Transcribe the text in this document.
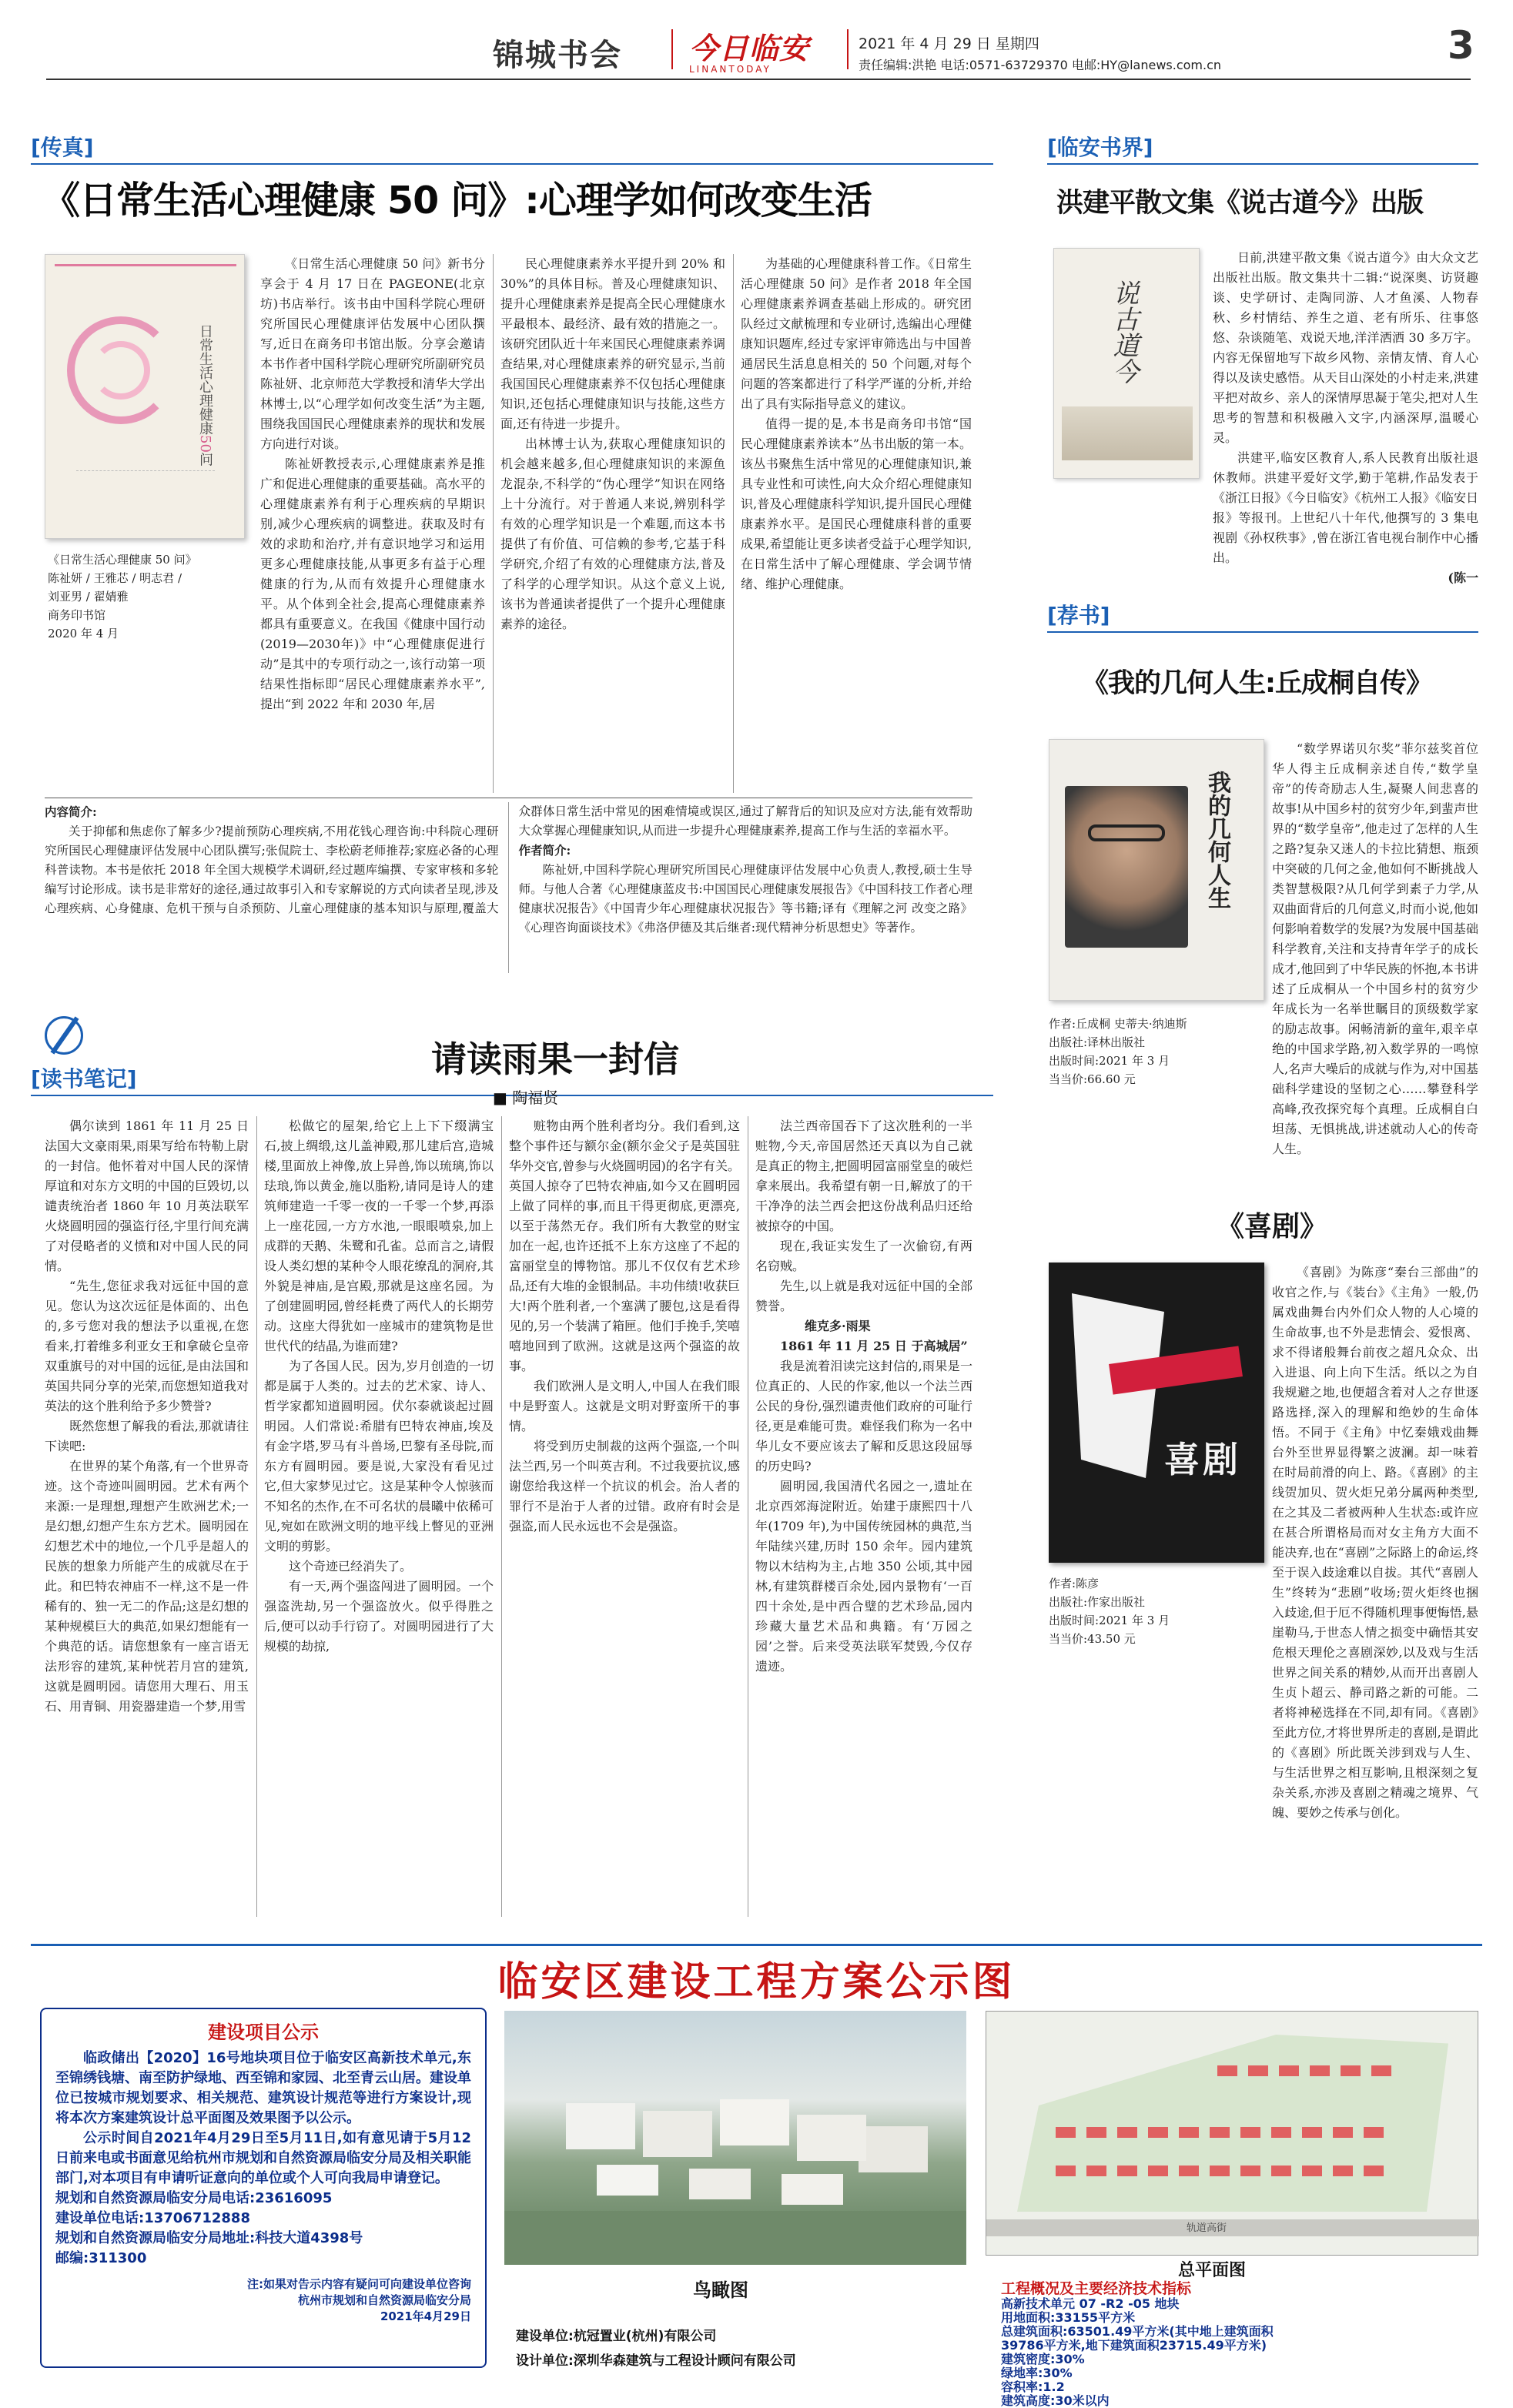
锦城书会 今日临安
LINANTODAY
2021 年 4 月 29 日 星期四
责任编辑:洪艳 电话:0571-63729370 电邮:HY@lanews.com.cn	3
[传真]
《日常生活心理健康 50 问》:心理学如何改变生活
日常生活心理健康50问
《日常生活心理健康 50 问》
陈祉妍 / 王雅芯 / 明志君 /
刘亚男 / 翟婧雅
商务印书馆
2020 年 4 月

《日常生活心理健康 50 问》新书分享会于 4 月 17 日在 PAGEONE(北京坊)书店举行。该书由中国科学院心理研究所国民心理健康评估发展中心团队撰写,近日在商务印书馆出版。分享会邀请本书作者中国科学院心理研究所副研究员陈祉妍、北京师范大学教授和清华大学出林博士,以“心理学如何改变生活”为主题,围绕我国国民心理健康素养的现状和发展方向进行对谈。

陈祉妍教授表示,心理健康素养是推广和促进心理健康的重要基础。高水平的心理健康素养有利于心理疾病的早期识别,减少心理疾病的调整进。获取及时有效的求助和治疗,并有意识地学习和运用更多心理健康技能,从事更多有益于心理健康的行为,从而有效提升心理健康水平。从个体到全社会,提高心理健康素养都具有重要意义。在我国《健康中国行动(2019—2030年)》中“心理健康促进行动”是其中的专项行动之一,该行动第一项结果性指标即“居民心理健康素养水平”,提出“到 2022 年和 2030 年,居

民心理健康素养水平提升到 20% 和 30%”的具体目标。普及心理健康知识、提升心理健康素养是提高全民心理健康水平最根本、最经济、最有效的措施之一。该研究团队近十年来国民心理健康素养调查结果,对心理健康素养的研究显示,当前我国国民心理健康素养不仅包括心理健康知识,还包括心理健康知识与技能,这些方面,还有待进一步提升。

出林博士认为,获取心理健康知识的机会越来越多,但心理健康知识的来源鱼龙混杂,不科学的“伪心理学”知识在网络上十分流行。对于普通人来说,辨别科学有效的心理学知识是一个难题,而这本书提供了有价值、可信赖的参考,它基于科学研究,介绍了有效的心理健康方法,普及了科学的心理学知识。从这个意义上说,该书为普通读者提供了一个提升心理健康素养的途径。

为基础的心理健康科普工作。《日常生活心理健康 50 问》是作者 2018 年全国心理健康素养调查基础上形成的。研究团队经过文献梳理和专业研讨,选编出心理健康知识题库,经过专家评审筛选出与中国普通居民生活息息相关的 50 个问题,对每个问题的答案都进行了科学严谨的分析,并给出了具有实际指导意义的建议。

值得一提的是,本书是商务印书馆“国民心理健康素养读本”丛书出版的第一本。该丛书聚焦生活中常见的心理健康知识,兼具专业性和可读性,向大众介绍心理健康知识,普及心理健康科学知识,提升国民心理健康素养水平。是国民心理健康科普的重要成果,希望能让更多读者受益于心理学知识,在日常生活中了解心理健康、学会调节情绪、维护心理健康。

内容简介:
关于抑郁和焦虑你了解多少?提前预防心理疾病,不用花钱心理咨询:中科院心理研究所国民心理健康评估发展中心团队撰写;张侃院士、李松蔚老师推荐;家庭必备的心理科普读物。本书是依托 2018 年全国大规模学术调研,经过题库编撰、专家审核和多轮编写讨论形成。读书是非常好的途径,通过故事引入和专家解说的方式向读者呈现,涉及心理疾病、心身健康、危机干预与自杀预防、儿童心理健康的基本知识与原理,覆盖大众群体日常生活中常见的困难情境或误区,通过了解背后的知识及应对方法,能有效帮助大众掌握心理健康知识,从而进一步提升心理健康素养,提高工作与生活的幸福水平。
作者简介:
陈祉妍,中国科学院心理研究所国民心理健康评估发展中心负责人,教授,硕士生导师。与他人合著《心理健康蓝皮书:中国国民心理健康发展报告》《中国科技工作者心理健康状况报告》《中国青少年心理健康状况报告》等书籍;译有《理解之河 改变之路》《心理咨询面谈技术》《弗洛伊德及其后继者:现代精神分析思想史》等著作。
[临安书界]
洪建平散文集《说古道今》出版
说古道今

日前,洪建平散文集《说古道今》由大众文艺出版社出版。散文集共十二辑:“说深奥、访贤趣谈、史学研讨、走陶同游、人才鱼溪、人物春秋、乡村情结、养生之道、老有所乐、往事悠悠、杂谈随笔、戏说天地,洋洋洒洒 30 多万字。内容无保留地写下故乡风物、亲情友情、育人心得以及读史感悟。从天目山深处的小村走来,洪建平把对故乡、亲人的深情厚思凝于笔尖,把对人生思考的智慧和积极融入文字,内涵深厚,温暖心灵。

洪建平,临安区教育人,系人民教育出版社退休教师。洪建平爱好文学,勤于笔耕,作品发表于《浙江日报》《今日临安》《杭州工人报》《临安日报》等报刊。上世纪八十年代,他撰写的 3 集电视剧《孙权秩事》,曾在浙江省电视台制作中心播出。

(陈一
[荐书]
《我的几何人生:丘成桐自传》
我的几何人生
作者:丘成桐 史蒂夫·纳迪斯
出版社:译林出版社
出版时间:2021 年 3 月
当当价:66.60 元

“数学界诺贝尔奖”菲尔兹奖首位华人得主丘成桐亲述自传,“数学皇帝”的传奇励志人生,凝聚人间悲喜的故事!从中国乡村的贫穷少年,到蜚声世界的“数学皇帝”,他走过了怎样的人生之路?复杂又迷人的卡拉比猜想、瓶颈中突破的几何之金,他如何不断挑战人类智慧极限?从几何学到素子力学,从双曲面背后的几何意义,时而小说,他如何影响着数学的发展?为发展中国基础科学教育,关注和支持青年学子的成长成才,他回到了中华民族的怀抱,本书讲述了丘成桐从一个中国乡村的贫穷少年成长为一名举世瞩目的顶级数学家的励志故事。闲畅清新的童年,艰辛卓绝的中国求学路,初入数学界的一鸣惊人,名声大噪后的成就与作为,对中国基础科学建设的坚韧之心……攀登科学高峰,孜孜探究每个真理。丘成桐自白坦荡、无惧挑战,讲述就动人心的传奇人生。

《喜剧》
喜剧
作者:陈彦
出版社:作家出版社
出版时间:2021 年 3 月
当当价:43.50 元

《喜剧》为陈彦“秦台三部曲”的收官之作,与《装台》《主角》一般,仍属戏曲舞台内外们众人物的人心境的生命故事,也不外是悲情会、爱恨离、求不得诸般舞台前夜之超凡众众、出入进退、向上向下生活。纸以之为自我规避之地,也便超含着对人之存世逐路选择,深入的理解和绝妙的生命体悟。不同于《主角》中忆秦娥戏曲舞台外至世界显得繁之波澜。却一味着在时局前滑的向上、路。《喜剧》的主线贺加贝、贺火炬兄弟分属两种类型,在之其及二者被两种人生状态:或许应在甚合所谓格局而对女主角方大面不能决弃,也在“喜剧”之际路上的命运,终至于误入歧途难以自拔。其代“喜剧人生”终转为“悲剧”收场;贺火炬终也捆入歧途,但于厄不得随机理事便悔悟,悬崖勒马,于世态人情之损变中确悟其安危根天理伦之喜剧深妙,以及戏与生活世界之间关系的精妙,从而开出喜剧人生贞卜超云、静司路之新的可能。二者将神秘选择在不同,却有同。《喜剧》至此方位,才将世界所走的喜剧,是谓此的《喜剧》所此既关涉到戏与人生、与生活世界之相互影响,且根深刻之复杂关系,亦涉及喜剧之精魂之境界、气魄、要妙之传承与创化。

[读书笔记]	请读雨果一封信
■ 陶福贤

偶尔读到 1861 年 11 月 25 日法国大文豪雨果,雨果写给布特勒上尉的一封信。他怀着对中国人民的深情厚谊和对东方文明的中国的巨毁切,以谴责统治者 1860 年 10 月英法联军火烧圆明园的强盗行径,宇里行间充满了对侵略者的义愤和对中国人民的同情。

“先生,您征求我对远征中国的意见。您认为这次远征是体面的、出色的,多亏您对我的想法予以重视,在您看来,打着维多利亚女王和拿破仑皇帝双重旗号的对中国的远征,是由法国和英国共同分享的光荣,而您想知道我对英法的这个胜利给予多少赞誉?

既然您想了解我的看法,那就请往下读吧:

在世界的某个角落,有一个世界奇迹。这个奇迹叫圆明园。艺术有两个来源:一是理想,理想产生欧洲艺术;一是幻想,幻想产生东方艺术。圆明园在幻想艺术中的地位,一个几乎是超人的民族的想象力所能产生的成就尽在于此。和巴特农神庙不一样,这不是一件稀有的、独一无二的作品;这是幻想的某种规模巨大的典范,如果幻想能有一个典范的话。请您想象有一座言语无法形容的建筑,某种恍若月宫的建筑,这就是圆明园。请您用大理石、用玉石、用青铜、用瓷器建造一个梦,用雪

松做它的屋架,给它上上下下缀满宝石,披上绸缎,这儿盖神殿,那儿建后宫,造城楼,里面放上神像,放上异兽,饰以琉璃,饰以珐琅,饰以黄金,施以脂粉,请同是诗人的建筑师建造一千零一夜的一千零一个梦,再添上一座花园,一方方水池,一眼眼喷泉,加上成群的天鹅、朱鹭和孔雀。总而言之,请假设人类幻想的某种令人眼花缭乱的洞府,其外貌是神庙,是宫殿,那就是这座名园。为了创建圆明园,曾经耗费了两代人的长期劳动。这座大得犹如一座城市的建筑物是世世代代的结晶,为谁而建?

为了各国人民。因为,岁月创造的一切都是属于人类的。过去的艺术家、诗人、哲学家都知道圆明园。伏尔泰就谈起过圆明园。人们常说:希腊有巴特农神庙,埃及有金字塔,罗马有斗兽场,巴黎有圣母院,而东方有圆明园。要是说,大家没有看见过它,但大家梦见过它。这是某种令人惊骇而不知名的杰作,在不可名状的晨曦中依稀可见,宛如在欧洲文明的地平线上瞥见的亚洲文明的剪影。

这个奇迹已经消失了。

有一天,两个强盗闯进了圆明园。一个强盗洗劫,另一个强盗放火。似乎得胜之后,便可以动手行窃了。对圆明园进行了大规模的劫掠,

赃物由两个胜利者均分。我们看到,这整个事件还与额尔金(额尔金父子是英国驻华外交官,曾参与火烧圆明园)的名字有关。英国人掠夺了巴特农神庙,如今又在圆明园上做了同样的事,而且干得更彻底,更漂亮,以至于荡然无存。我们所有大教堂的财宝加在一起,也许还抵不上东方这座了不起的富丽堂皇的博物馆。那儿不仅仅有艺术珍品,还有大堆的金银制品。丰功伟绩!收获巨大!两个胜利者,一个塞满了腰包,这是看得见的,另一个装满了箱匣。他们手挽手,笑嘻嘻地回到了欧洲。这就是这两个强盗的故事。

我们欧洲人是文明人,中国人在我们眼中是野蛮人。这就是文明对野蛮所干的事情。

将受到历史制裁的这两个强盗,一个叫法兰西,另一个叫英吉利。不过我要抗议,感谢您给我这样一个抗议的机会。治人者的罪行不是治于人者的过错。政府有时会是强盗,而人民永远也不会是强盗。

法兰西帝国吞下了这次胜利的一半赃物,今天,帝国居然还天真以为自己就是真正的物主,把圆明园富丽堂皇的破烂拿来展出。我希望有朝一日,解放了的干干净净的法兰西会把这份战利品归还给被掠夺的中国。

现在,我证实发生了一次偷窃,有两名窃贼。

先生,以上就是我对远征中国的全部赞誉。

维克多·雨果
1861 年 11 月 25 日 于高城居”

我是流着泪读完这封信的,雨果是一位真正的、人民的作家,他以一个法兰西公民的身份,强烈谴责他们政府的可耻行径,更是难能可贵。难怪我们称为一名中华儿女不要应该去了解和反思这段屈辱的历史吗?

圆明园,我国清代名园之一,遗址在北京西郊海淀附近。始建于康熙四十八年(1709 年),为中国传统园林的典范,当年陆续兴建,历时 150 余年。园内建筑物以木结构为主,占地 350 公顷,其中园林,有建筑群楼百余处,园内景物有‘一百四十余处,是中西合璧的艺术珍品,园内珍藏大量艺术品和典籍。有‘万园之园’之誉。后来受英法联军焚毁,今仅存遗迹。

临安区建设工程方案公示图
建设项目公示
临政储出【2020】16号地块项目位于临安区高新技术单元,东至锦绣钱塘、南至防护绿地、西至锦和家园、北至青云山居。建设单位已按城市规划要求、相关规范、建筑设计规范等进行方案设计,现将本次方案建筑设计总平面图及效果图予以公示。
公示时间自2021年4月29日至5月11日,如有意见请于5月12日前来电或书面意见给杭州市规划和自然资源局临安分局及相关职能部门,对本项目有申请听证意向的单位或个人可向我局申请登记。
规划和自然资源局临安分局电话:23616095
建设单位电话:13706712888
规划和自然资源局临安分局地址:科技大道4398号
邮编:311300
注:如果对告示内容有疑问可向建设单位咨询
杭州市规划和自然资源局临安分局
2021年4月29日
鸟瞰图
建设单位:杭冠置业(杭州)有限公司
设计单位:深圳华森建筑与工程设计顾问有限公司
轨道高街
总平面图
工程概况及主要经济技术指标
高新技术单元 07 -R2 -05 地块
用地面积:33155平方米
总建筑面积:63501.49平方米(其中地上建筑面积
39786平方米,地下建筑面积23715.49平方米)
建筑密度:30%
绿地率:30%
容积率:1.2
建筑高度:30米以内
